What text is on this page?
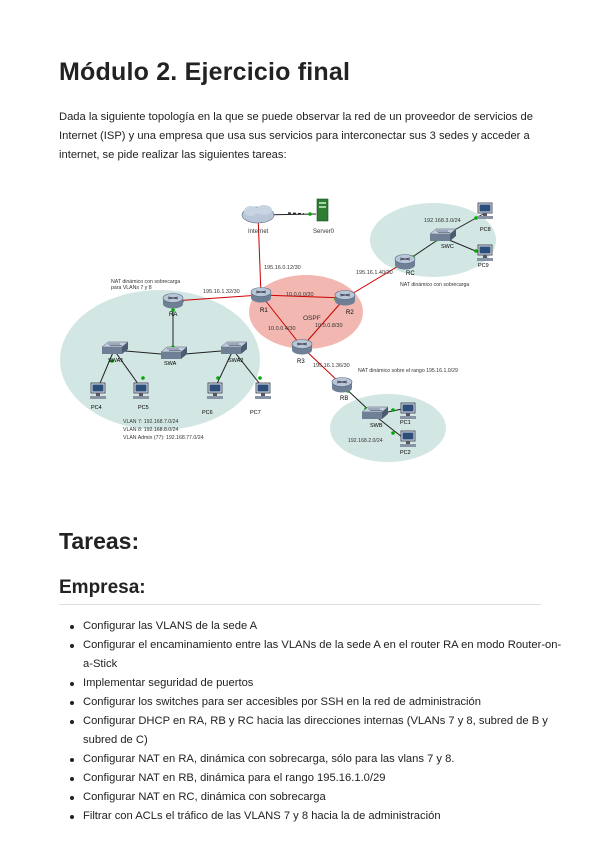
Módulo 2. Ejercicio final

Dada la siguiente topología en la que se puede observar la red de un proveedor de servicios de Internet (ISP) y una empresa que usa sus servicios para interconectar sus 3 sedes y acceder a internet, se pide realizar las siguientes tareas:

Internet	Server0
195.16.0.12/30
R1	R2
R3
OSPF
10.0.0.0/30
10.0.0.4/30	10.0.0.8/30
NAT dinámico con sobrecarga para VLANs 7 y 8
195.16.1.32/30
RA
SWA
SWA1	SWA2
PC4	PC5
PC6	PC7
VLAN 7: 192.168.7.0/24
VLAN 8: 192.168.8.0/24
VLAN Admin (77): 192.168.77.0/24
195.16.1.40/30 RC
NAT dinámico con sobrecarga
SWC
192.168.3.0/24
PC8
PC9
195.16.1.36/30
NAT dinámico sobre el rango 195.16.1.0/29
RB
SWB	PC1
PC2
192.168.2.0/24
Tareas:
Empresa:
Configurar las VLANS de la sede A
Configurar el encaminamiento entre las VLANs de la sede A en el router RA en modo Router-on-a-Stick
Implementar seguridad de puertos
Configurar los switches para ser accesibles por SSH en la red de administración
Configurar DHCP en RA, RB y RC hacia las direcciones internas (VLANs 7 y 8, subred de B y subred de C)
Configurar NAT en RA, dinámica con sobrecarga, sólo para las vlans 7 y 8.
Configurar NAT en RB, dinámica para el rango 195.16.1.0/29
Configurar NAT en RC, dinámica con sobrecarga
Filtrar con ACLs el tráfico de las VLANS 7 y 8 hacia la de administración
